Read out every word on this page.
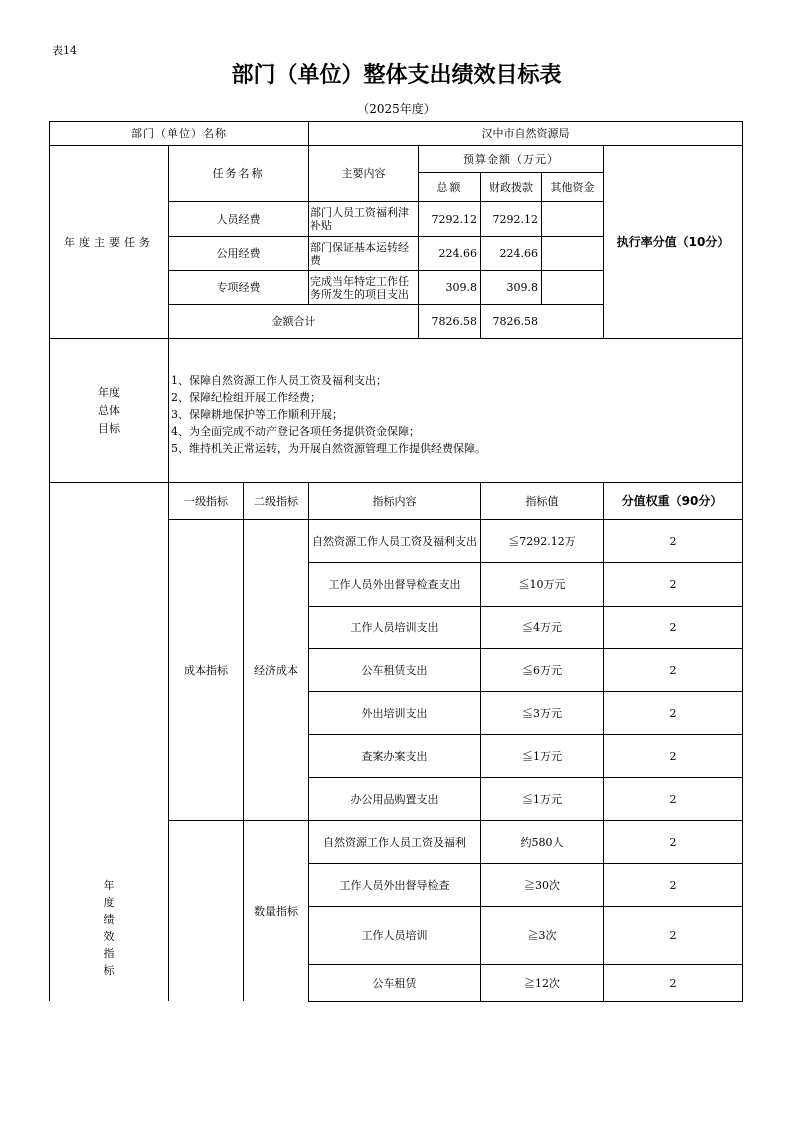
表14
部门（单位）整体支出绩效目标表
（2025年度）
部门（单位）名称	汉中市自然资源局
年度主要任务
任务名称	主要内容
预算金额（万元）
总额	财政拨款	其他资金
执行率分值（10分）
人员经费	部门人员工资福利津补贴	7292.12	7292.12
公用经费	部门保证基本运转经费	224.66	224.66
专项经费	完成当年特定工作任务所发生的项目支出	309.8	309.8
金额合计	7826.58	7826.58
年度总体目标
1、保障自然资源工作人员工资及福利支出；
2、保障纪检组开展工作经费；
3、保障耕地保护等工作顺利开展；
4、为全面完成不动产登记各项任务提供资金保障；
5、维持机关正常运转，为开展自然资源管理工作提供经费保障。
年度绩效指标
一级指标	二级指标	指标内容	指标值	分值权重（90分）
成本指标	经济成本
自然资源工作人员工资及福利支出	≦7292.12万	2
工作人员外出督导检查支出	≦10万元	2
工作人员培训支出	≦4万元	2
公车租赁支出	≦6万元	2
外出培训支出	≦3万元	2
查案办案支出	≦1万元	2
办公用品购置支出	≦1万元	2
数量指标
自然资源工作人员工资及福利	约580人	2
工作人员外出督导检查	≧30次	2
工作人员培训	≧3次	2
公车租赁	≧12次	2
